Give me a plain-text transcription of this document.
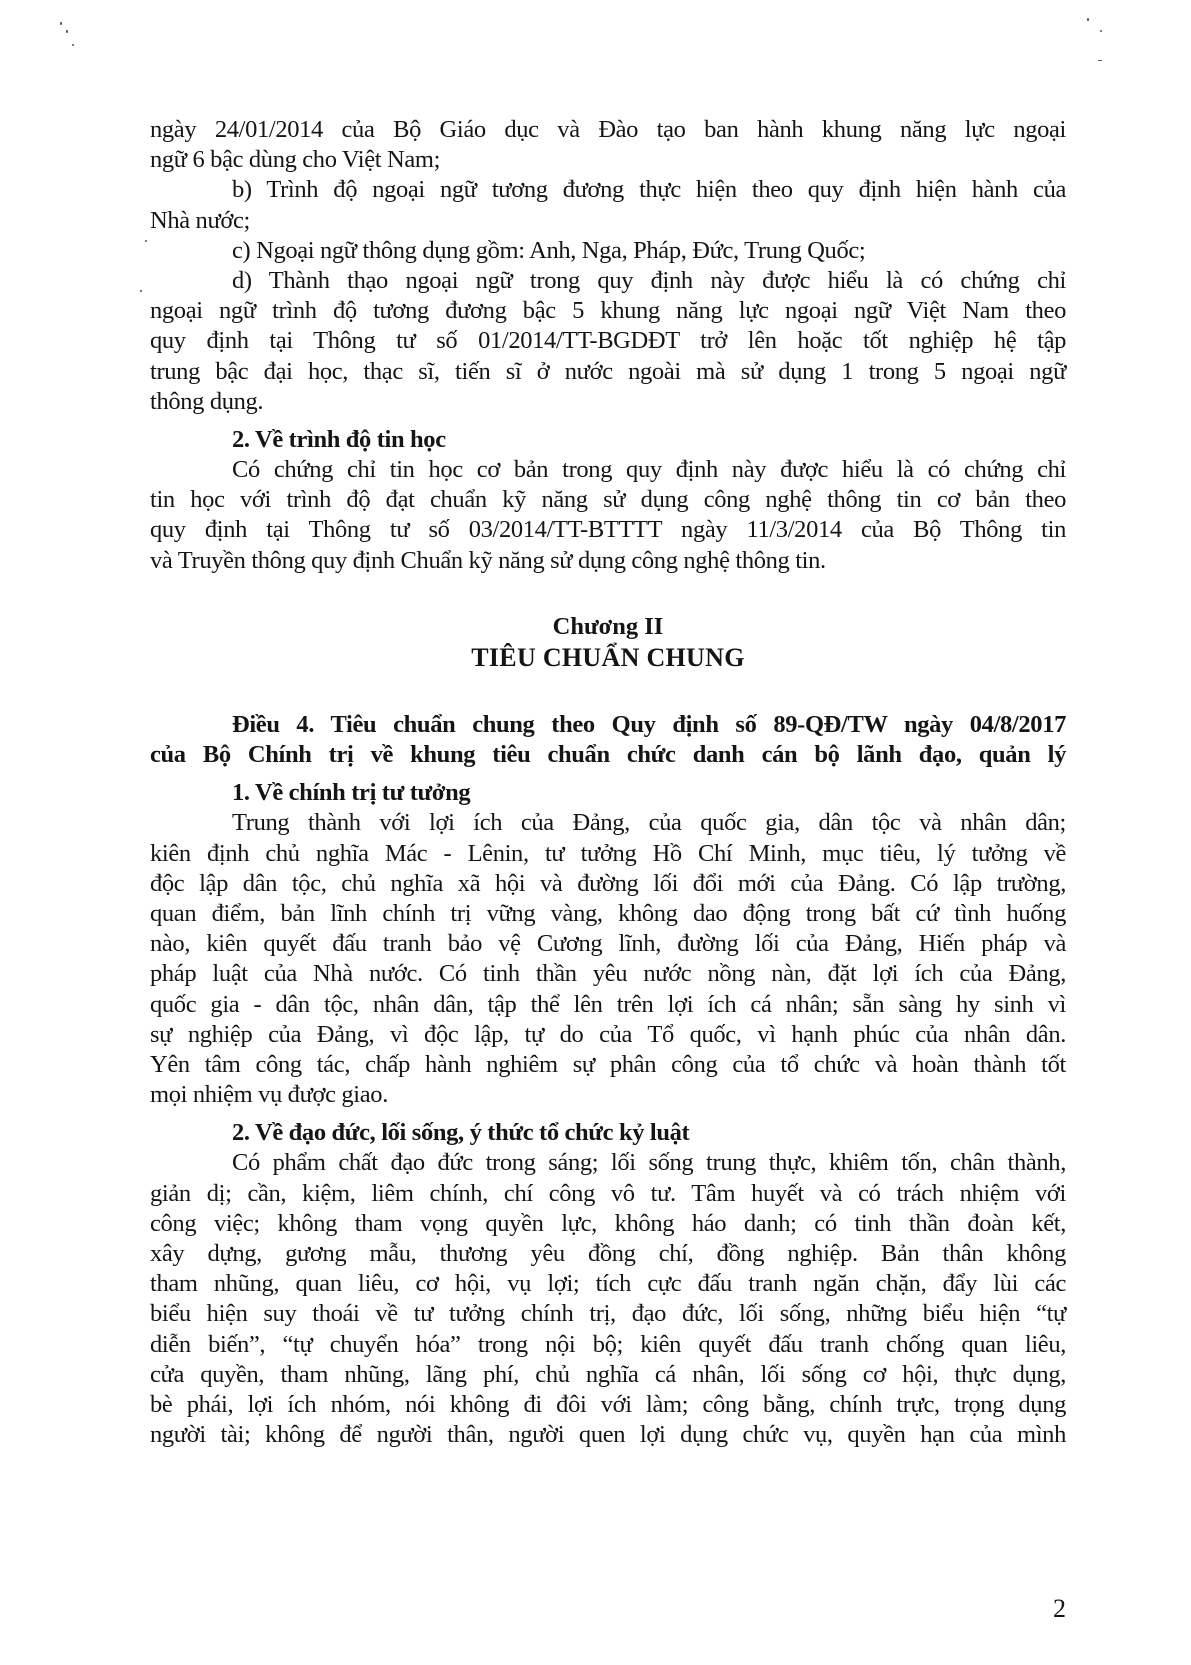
ngày 24/01/2014 của Bộ Giáo dục và Đào tạo ban hành khung năng lực ngoại
ngữ 6 bậc dùng cho Việt Nam;
b) Trình độ ngoại ngữ tương đương thực hiện theo quy định hiện hành của
Nhà nước;
c) Ngoại ngữ thông dụng gồm: Anh, Nga, Pháp, Đức, Trung Quốc;
d) Thành thạo ngoại ngữ trong quy định này được hiểu là có chứng chỉ
ngoại ngữ trình độ tương đương bậc 5 khung năng lực ngoại ngữ Việt Nam theo
quy định tại Thông tư số 01/2014/TT-BGDĐT trở lên hoặc tốt nghiệp hệ tập
trung bậc đại học, thạc sĩ, tiến sĩ ở nước ngoài mà sử dụng 1 trong 5 ngoại ngữ
thông dụng.
2. Về trình độ tin học
Có chứng chỉ tin học cơ bản trong quy định này được hiểu là có chứng chỉ
tin học với trình độ đạt chuẩn kỹ năng sử dụng công nghệ thông tin cơ bản theo
quy định tại Thông tư số 03/2014/TT-BTTTT ngày 11/3/2014 của Bộ Thông tin
và Truyền thông quy định Chuẩn kỹ năng sử dụng công nghệ thông tin.
Chương II
TIÊU CHUẨN CHUNG
Điều 4. Tiêu chuẩn chung theo Quy định số 89-QĐ/TW ngày 04/8/2017
của Bộ Chính trị về khung tiêu chuẩn chức danh cán bộ lãnh đạo, quản lý
1. Về chính trị tư tưởng
Trung thành với lợi ích của Đảng, của quốc gia, dân tộc và nhân dân;
kiên định chủ nghĩa Mác - Lênin, tư tưởng Hồ Chí Minh, mục tiêu, lý tưởng về
độc lập dân tộc, chủ nghĩa xã hội và đường lối đổi mới của Đảng. Có lập trường,
quan điểm, bản lĩnh chính trị vững vàng, không dao động trong bất cứ tình huống
nào, kiên quyết đấu tranh bảo vệ Cương lĩnh, đường lối của Đảng, Hiến pháp và
pháp luật của Nhà nước. Có tinh thần yêu nước nồng nàn, đặt lợi ích của Đảng,
quốc gia - dân tộc, nhân dân, tập thể lên trên lợi ích cá nhân; sẵn sàng hy sinh vì
sự nghiệp của Đảng, vì độc lập, tự do của Tổ quốc, vì hạnh phúc của nhân dân.
Yên tâm công tác, chấp hành nghiêm sự phân công của tổ chức và hoàn thành tốt
mọi nhiệm vụ được giao.
2. Về đạo đức, lối sống, ý thức tổ chức kỷ luật
Có phẩm chất đạo đức trong sáng; lối sống trung thực, khiêm tốn, chân thành,
giản dị; cần, kiệm, liêm chính, chí công vô tư. Tâm huyết và có trách nhiệm với
công việc; không tham vọng quyền lực, không háo danh; có tinh thần đoàn kết,
xây dựng, gương mẫu, thương yêu đồng chí, đồng nghiệp. Bản thân không
tham nhũng, quan liêu, cơ hội, vụ lợi; tích cực đấu tranh ngăn chặn, đẩy lùi các
biểu hiện suy thoái về tư tưởng chính trị, đạo đức, lối sống, những biểu hiện “tự
diễn biến”, “tự chuyển hóa” trong nội bộ; kiên quyết đấu tranh chống quan liêu,
cửa quyền, tham nhũng, lãng phí, chủ nghĩa cá nhân, lối sống cơ hội, thực dụng,
bè phái, lợi ích nhóm, nói không đi đôi với làm; công bằng, chính trực, trọng dụng
người tài; không để người thân, người quen lợi dụng chức vụ, quyền hạn của mình
2
